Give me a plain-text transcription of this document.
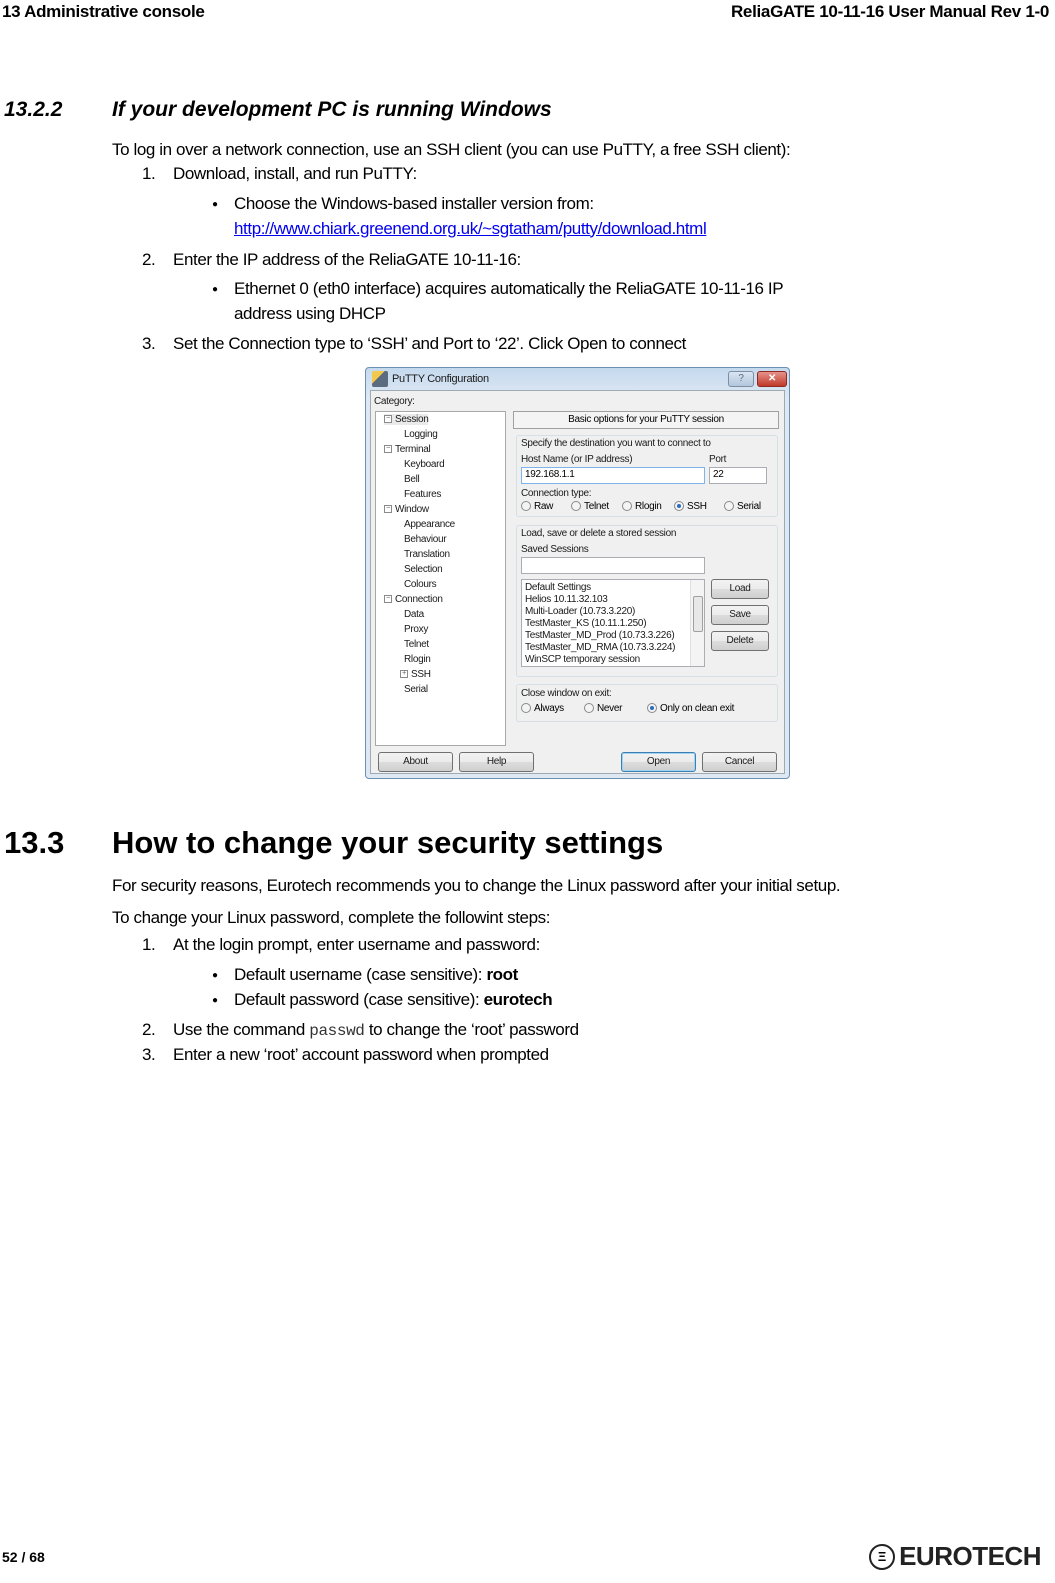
13 Administrative console	ReliaGATE 10-11-16 User Manual Rev 1-0
13.2.2 If your development PC is running Windows
To log in over a network connection, use an SSH client (you can use PuTTY, a free SSH client):
1. Download, install, and run PuTTY:
● Choose the Windows-based installer version from:
http://www.chiark.greenend.org.uk/~sgtatham/putty/download.html
2. Enter the IP address of the ReliaGATE 10-11-16:
● Ethernet 0 (eth0 interface) acquires automatically the ReliaGATE 10-11-16 IP
address using DHCP
3. Set the Connection type to ‘SSH’ and Port to ‘22’. Click Open to connect
PuTTY Configuration	?	✕
Category:
− Session
Logging
− Terminal
Keyboard
Bell
Features
− Window
Appearance
Behaviour
Translation
Selection
Colours
− Connection
Data
Proxy
Telnet
Rlogin
+ SSH
Serial
Basic options for your PuTTY session
Specify the destination you want to connect to
Host Name (or IP address)	Port
192.168.1.1	22
Connection type:
Raw	Telnet	Rlogin	SSH	Serial
Load, save or delete a stored session
Saved Sessions
Default Settings
Helios 10.11.32.103
Multi-Loader (10.73.3.220)
TestMaster_KS (10.11.1.250)
TestMaster_MD_Prod (10.73.3.226)
TestMaster_MD_RMA (10.73.3.224)
WinSCP temporary session
Load
Save
Delete
Close window on exit:
Always	Never	Only on clean exit
About	Help	Open	Cancel
13.3 How to change your security settings
For security reasons, Eurotech recommends you to change the Linux password after your initial setup.
To change your Linux password, complete the followint steps:
1. At the login prompt, enter username and password:
● Default username (case sensitive): root
● Default password (case sensitive): eurotech
2. Use the command passwd to change the ‘root’ password
3. Enter a new ‘root’ account password when prompted
52 / 68	Ξ EUROTECH
